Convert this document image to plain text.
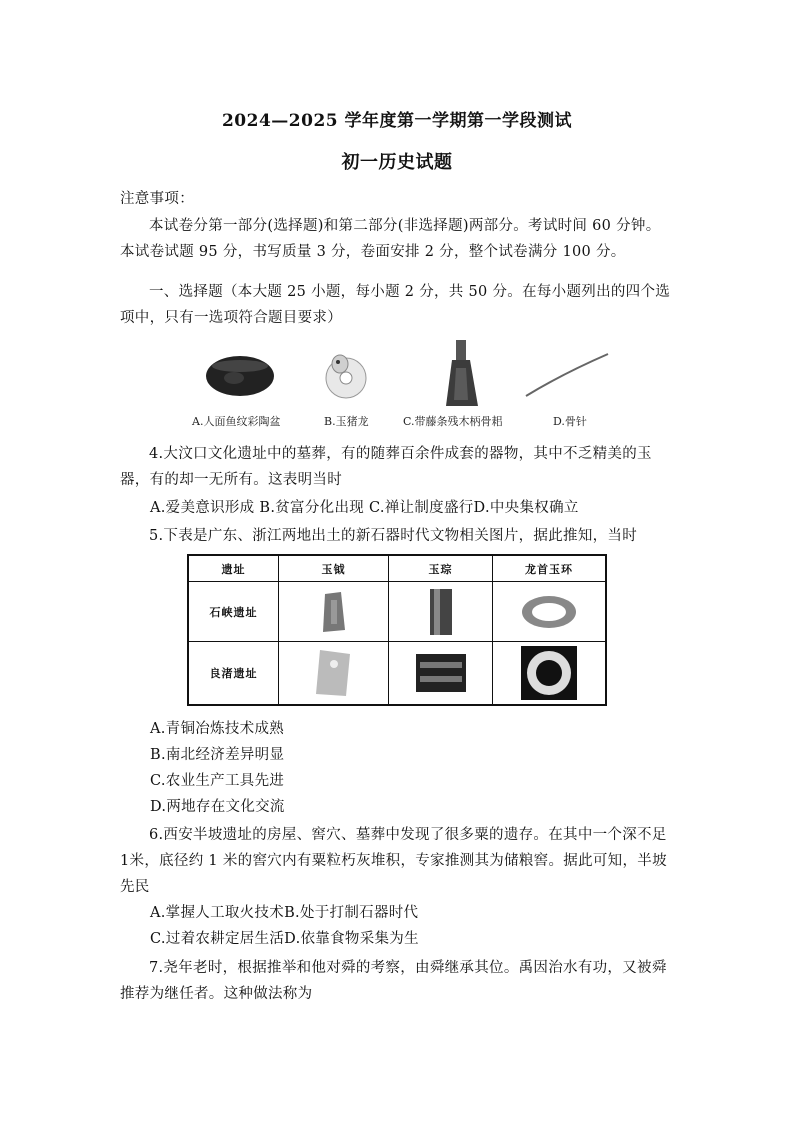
2024—2025 学年度第一学期第一学段测试
初一历史试题
注意事项：
本试卷分第一部分(选择题)和第二部分(非选择题)两部分。考试时间 60 分钟。本试卷试题 95 分，书写质量 3 分，卷面安排 2 分，整个试卷满分 100 分。
一、选择题（本大题 25 小题，每小题 2 分，共 50 分。在每小题列出的四个选项中，只有一选项符合题目要求）
A.人面鱼纹彩陶盆	B.玉猪龙	C.带藤条残木柄骨耜	D.骨针
4.大汶口文化遗址中的墓葬，有的随葬百余件成套的器物，其中不乏精美的玉器，有的却一无所有。这表明当时
A.爱美意识形成 B.贫富分化出现 C.禅让制度盛行D.中央集权确立
5.下表是广东、浙江两地出土的新石器时代文物相关图片，据此推知，当时
遗址	玉钺	玉琮	龙首玉环
石峡遗址
良渚遗址
A.青铜冶炼技术成熟
B.南北经济差异明显
C.农业生产工具先进
D.两地存在文化交流
6.西安半坡遗址的房屋、窖穴、墓葬中发现了很多粟的遗存。在其中一个深不足1米，底径约 1 米的窖穴内有粟粒朽灰堆积，专家推测其为储粮窖。据此可知，半坡先民
A.掌握人工取火技术B.处于打制石器时代
C.过着农耕定居生活D.依靠食物采集为生
7.尧年老时，根据推举和他对舜的考察，由舜继承其位。禹因治水有功，又被舜推荐为继任者。这种做法称为
